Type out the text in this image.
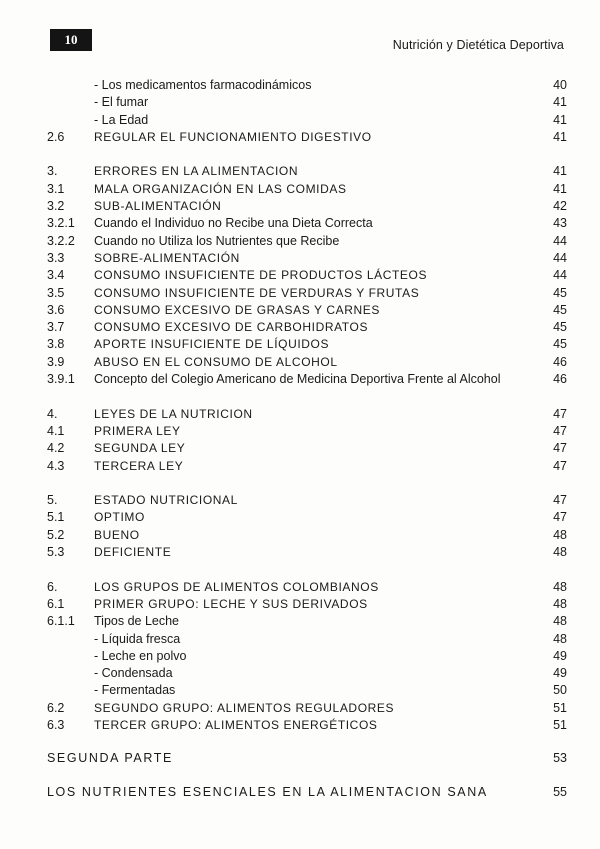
10	Nutrición y Dietética Deportiva
- Los medicamentos farmacodinámicos	40
- El fumar	41
- La Edad	41
2.6 REGULAR EL FUNCIONAMIENTO DIGESTIVO	41
3.	ERRORES EN LA ALIMENTACION	41
3.1 MALA ORGANIZACIÓN EN LAS COMIDAS	41
3.2 SUB-ALIMENTACIÓN	42
3.2.1 Cuando el Individuo no Recibe una Dieta Correcta	43
3.2.2 Cuando no Utiliza los Nutrientes que Recibe	44
3.3 SOBRE-ALIMENTACIÓN	44
3.4 CONSUMO INSUFICIENTE DE PRODUCTOS LÁCTEOS	44
3.5 CONSUMO INSUFICIENTE DE VERDURAS Y FRUTAS	45
3.6 CONSUMO EXCESIVO DE GRASAS Y CARNES	45
3.7 CONSUMO EXCESIVO DE CARBOHIDRATOS	45
3.8 APORTE INSUFICIENTE DE LÍQUIDOS	45
3.9 ABUSO EN EL CONSUMO DE ALCOHOL	46
3.9.1 Concepto del Colegio Americano de Medicina Deportiva Frente al Alcohol	46
4.	LEYES DE LA NUTRICION	47
4.1 PRIMERA LEY	47
4.2 SEGUNDA LEY	47
4.3 TERCERA LEY	47
5.	ESTADO NUTRICIONAL	47
5.1 OPTIMO	47
5.2 BUENO	48
5.3 DEFICIENTE	48
6.	LOS GRUPOS DE ALIMENTOS COLOMBIANOS	48
6.1 PRIMER GRUPO: LECHE Y SUS DERIVADOS	48
6.1.1 Tipos de Leche	48
- Líquida fresca	48
- Leche en polvo	49
- Condensada	49
- Fermentadas	50
6.2 SEGUNDO GRUPO: ALIMENTOS REGULADORES	51
6.3 TERCER GRUPO: ALIMENTOS ENERGÉTICOS	51
SEGUNDA PARTE	53
LOS NUTRIENTES ESENCIALES EN LA ALIMENTACION SANA	55
